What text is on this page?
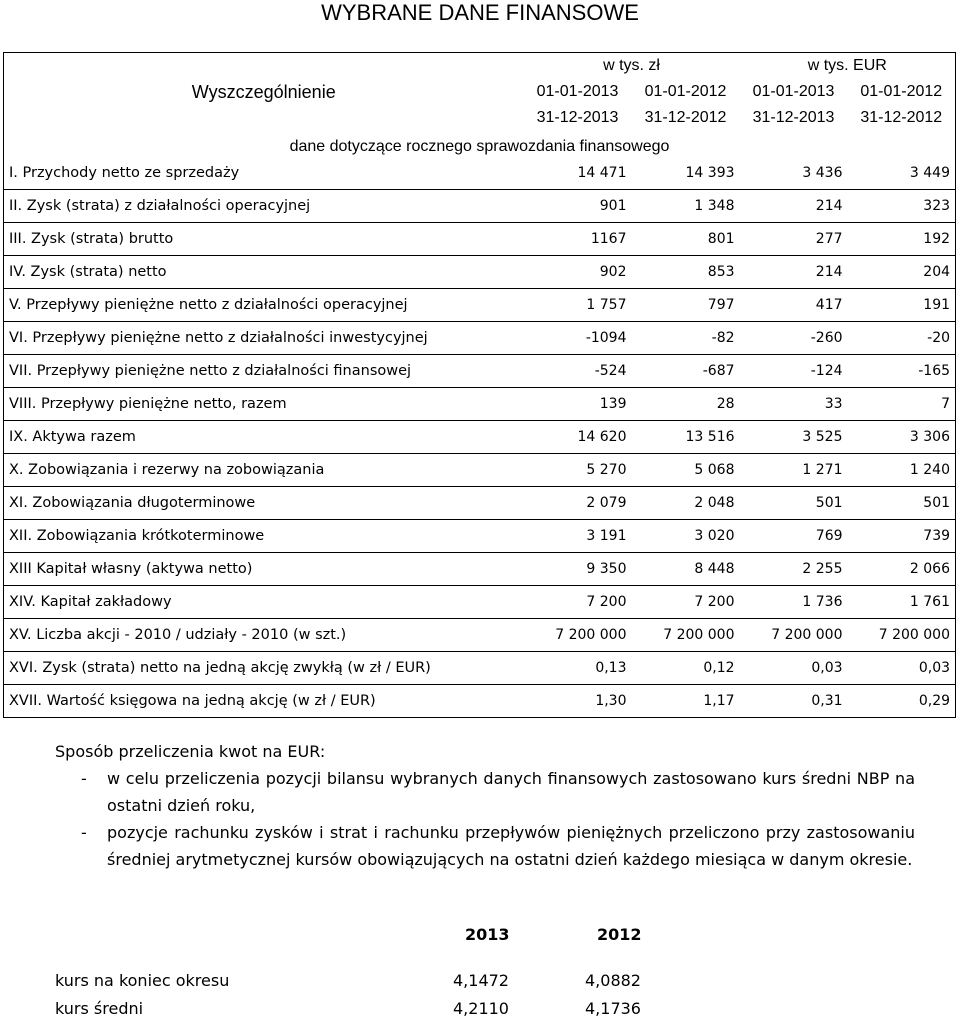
WYBRANE DANE FINANSOWE
Wyszczególnienie	w tys. zł		w tys. EUR	
	01-01-2013	01-01-2012	01-01-2013	01-01-2012
	31-12-2013	31-12-2012	31-12-2013	31-12-2012
dane dotyczące rocznego sprawozdania finansowego				
I. Przychody netto ze sprzedaży	14 471	14 393	3 436	3 449
II. Zysk (strata) z działalności operacyjnej	901	1 348	214	323
III. Zysk (strata) brutto	1167	801	277	192
IV. Zysk (strata) netto	902	853	214	204
V. Przepływy pieniężne netto z działalności operacyjnej	1 757	797	417	191
VI. Przepływy pieniężne netto z działalności inwestycyjnej	-1094	-82	-260	-20
VII. Przepływy pieniężne netto z działalności finansowej	-524	-687	-124	-165
VIII. Przepływy pieniężne netto, razem	139	28	33	7
IX. Aktywa razem	14 620	13 516	3 525	3 306
X. Zobowiązania i rezerwy na zobowiązania	5 270	5 068	1 271	1 240
XI. Zobowiązania długoterminowe	2 079	2 048	501	501
XII. Zobowiązania krótkoterminowe	3 191	3 020	769	739
XIII Kapitał własny (aktywa netto)	9 350	8 448	2 255	2 066
XIV. Kapitał zakładowy	7 200	7 200	1 736	1 761
XV. Liczba akcji - 2010 / udziały - 2010 (w szt.)	7 200 000	7 200 000	7 200 000	7 200 000
XVI. Zysk (strata) netto na jedną akcję zwykłą (w zł / EUR)	0,13	0,12	0,03	0,03
XVII. Wartość księgowa na jedną akcję (w zł / EUR)	1,30	1,17	0,31	0,29
Sposób przeliczenia kwot na EUR:
- w celu przeliczenia pozycji bilansu wybranych danych finansowych zastosowano kurs średni NBP na ostatni dzień roku,
- pozycje rachunku zysków i strat i rachunku przepływów pieniężnych przeliczono przy zastosowaniu średniej arytmetycznej kursów obowiązujących na ostatni dzień każdego miesiąca w danym okresie.
2013	2012
kurs na koniec okresu	4,1472	4,0882
kurs średni	4,2110	4,1736
